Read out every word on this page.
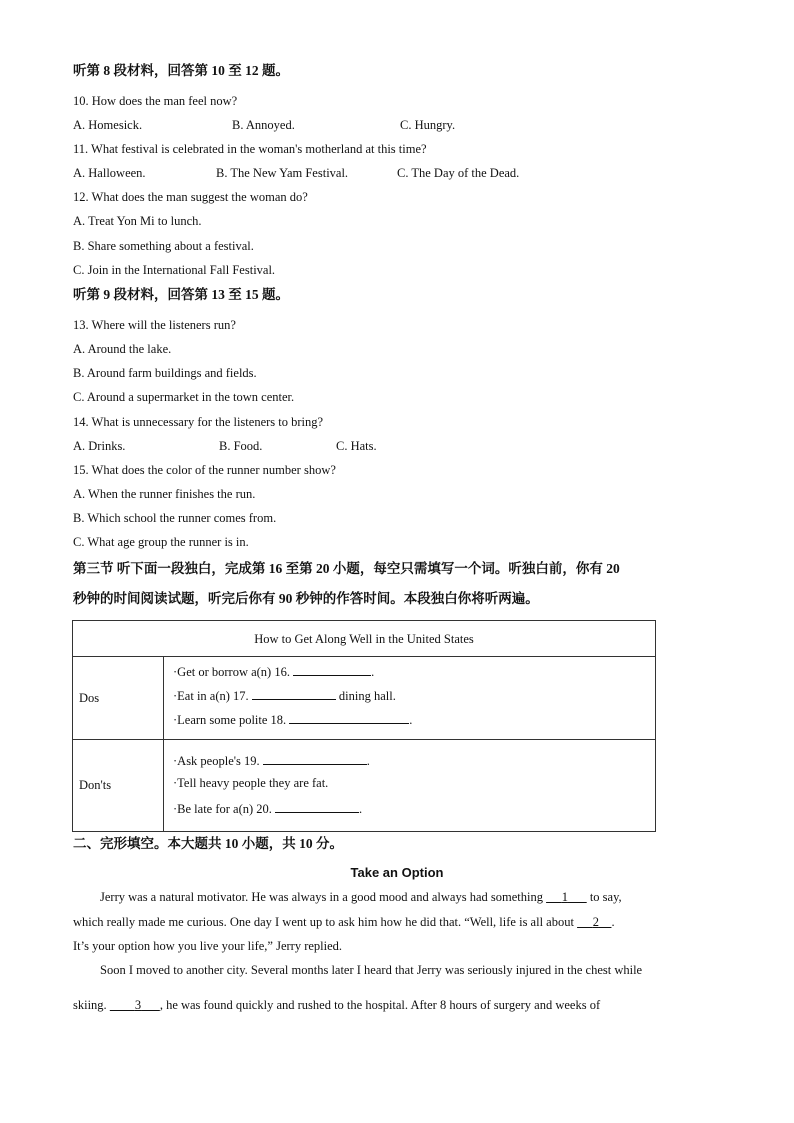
听第 8 段材料，回答第 10 至 12 题。
10. How does the man feel now?
A. Homesick.	B. Annoyed.	C. Hungry.
11. What festival is celebrated in the woman's motherland at this time?
A. Halloween.	B. The New Yam Festival.	C. The Day of the Dead.
12. What does the man suggest the woman do?
A. Treat Yon Mi to lunch.
B. Share something about a festival.
C. Join in the International Fall Festival.
听第 9 段材料，回答第 13 至 15 题。
13. Where will the listeners run?
A. Around the lake.
B. Around farm buildings and fields.
C. Around a supermarket in the town center.
14. What is unnecessary for the listeners to bring?
A. Drinks.	B. Food.	C. Hats.
15. What does the color of the runner number show?
A. When the runner finishes the run.
B. Which school the runner comes from.
C. What age group the runner is in.
第三节 听下面一段独白，完成第 16 至第 20 小题，每空只需填写一个词。听独白前，你有 20
秒钟的时间阅读试题，听完后你有 90 秒钟的作答时间。本段独白你将听两遍。
How to Get Along Well in the United States
Dos
·Get or borrow a(n) 16.	.
·Eat in a(n) 17.	dining hall.
·Learn some polite 18.	.
Don'ts
·Ask people's 19.	.
·Tell heavy people they are fat.
·Be late for a(n) 20.	.
二、完形填空。本大题共 10 小题，共 10 分。
Take an Option
Jerry was a natural motivator. He was always in a good mood and always had something 1       to say,
which really made me curious. One day I went up to ask him how he did that. “Well, life is all about 2 .
It’s your option how you live your life,” Jerry replied.
Soon I moved to another city. Several months later I heard that Jerry was seriously injured in the chest while
skiing.         3 , he was found quickly and rushed to the hospital. After 8 hours of surgery and weeks of
